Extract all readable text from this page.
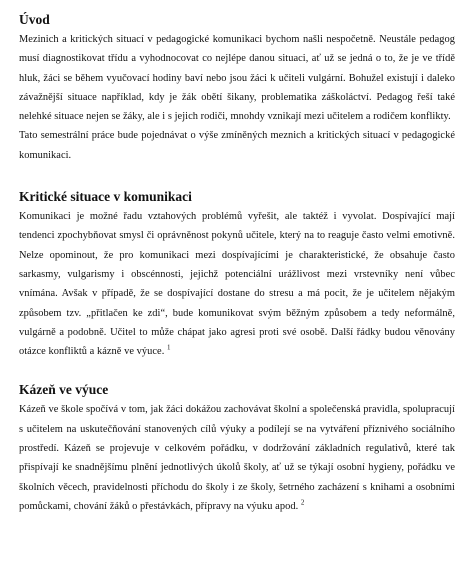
Úvod

Mezinich a kritických situací v pedagogické komunikaci bychom našli nespočetně. Neustále pedagog musí diagnostikovat třídu a vyhodnocovat co nejlépe danou situaci, ať už se jedná o to, že je ve třídě hluk, žáci se během vyučovací hodiny baví nebo jsou žáci k učiteli vulgární. Bohužel existují i daleko závažnější situace například, kdy je žák obětí šikany, problematika záškoláctví. Pedagog řeší také nelehké situace nejen se žáky, ale i s jejich rodiči, mnohdy vznikají mezi učitelem a rodičem konflikty.

Tato semestrální práce bude pojednávat o výše zmíněných meznich a kritických situací v pedagogické komunikaci.

Kritické situace v komunikaci

Komunikaci je možné řadu vztahových problémů vyřešit, ale taktéž i vyvolat. Dospívající mají tendenci zpochybňovat smysl či oprávněnost pokynů učitele, který na to reaguje často velmi emotivně. Nelze opominout, že pro komunikaci mezi dospívajícími je charakteristické, že obsahuje často sarkasmy, vulgarismy i obscénnosti, jejichž potenciální urážlivost mezi vrstevníky není vůbec vnímána. Avšak v případě, že se dospívající dostane do stresu a má pocit, že je učitelem nějakým způsobem tzv. „přitlačen ke zdi“, bude komunikovat svým běžným způsobem a tedy neformálně, vulgárně a podobně. Učitel to může chápat jako agresi proti své osobě. Další řádky budou věnovány otázce konfliktů a kázně ve výuce. $^1$

Kázeň ve výuce

Kázeň ve škole spočívá v tom, jak žáci dokážou zachovávat školní a společenská pravidla, spolupracují s učitelem na uskutečňování stanovených cílů výuky a podílejí se na vytváření příznivého sociálního prostředí. Kázeň se projevuje v celkovém pořádku, v dodržování základních regulativů, které tak přispívají ke snadnějšímu plnění jednotlivých úkolů školy, ať už se týkají osobní hygieny, pořádku ve školních věcech, pravidelnosti příchodu do školy i ze školy, šetrného zacházení s knihami a osobními pomůckami, chování žáků o přestávkách, přípravy na výuku apod. $^2$
